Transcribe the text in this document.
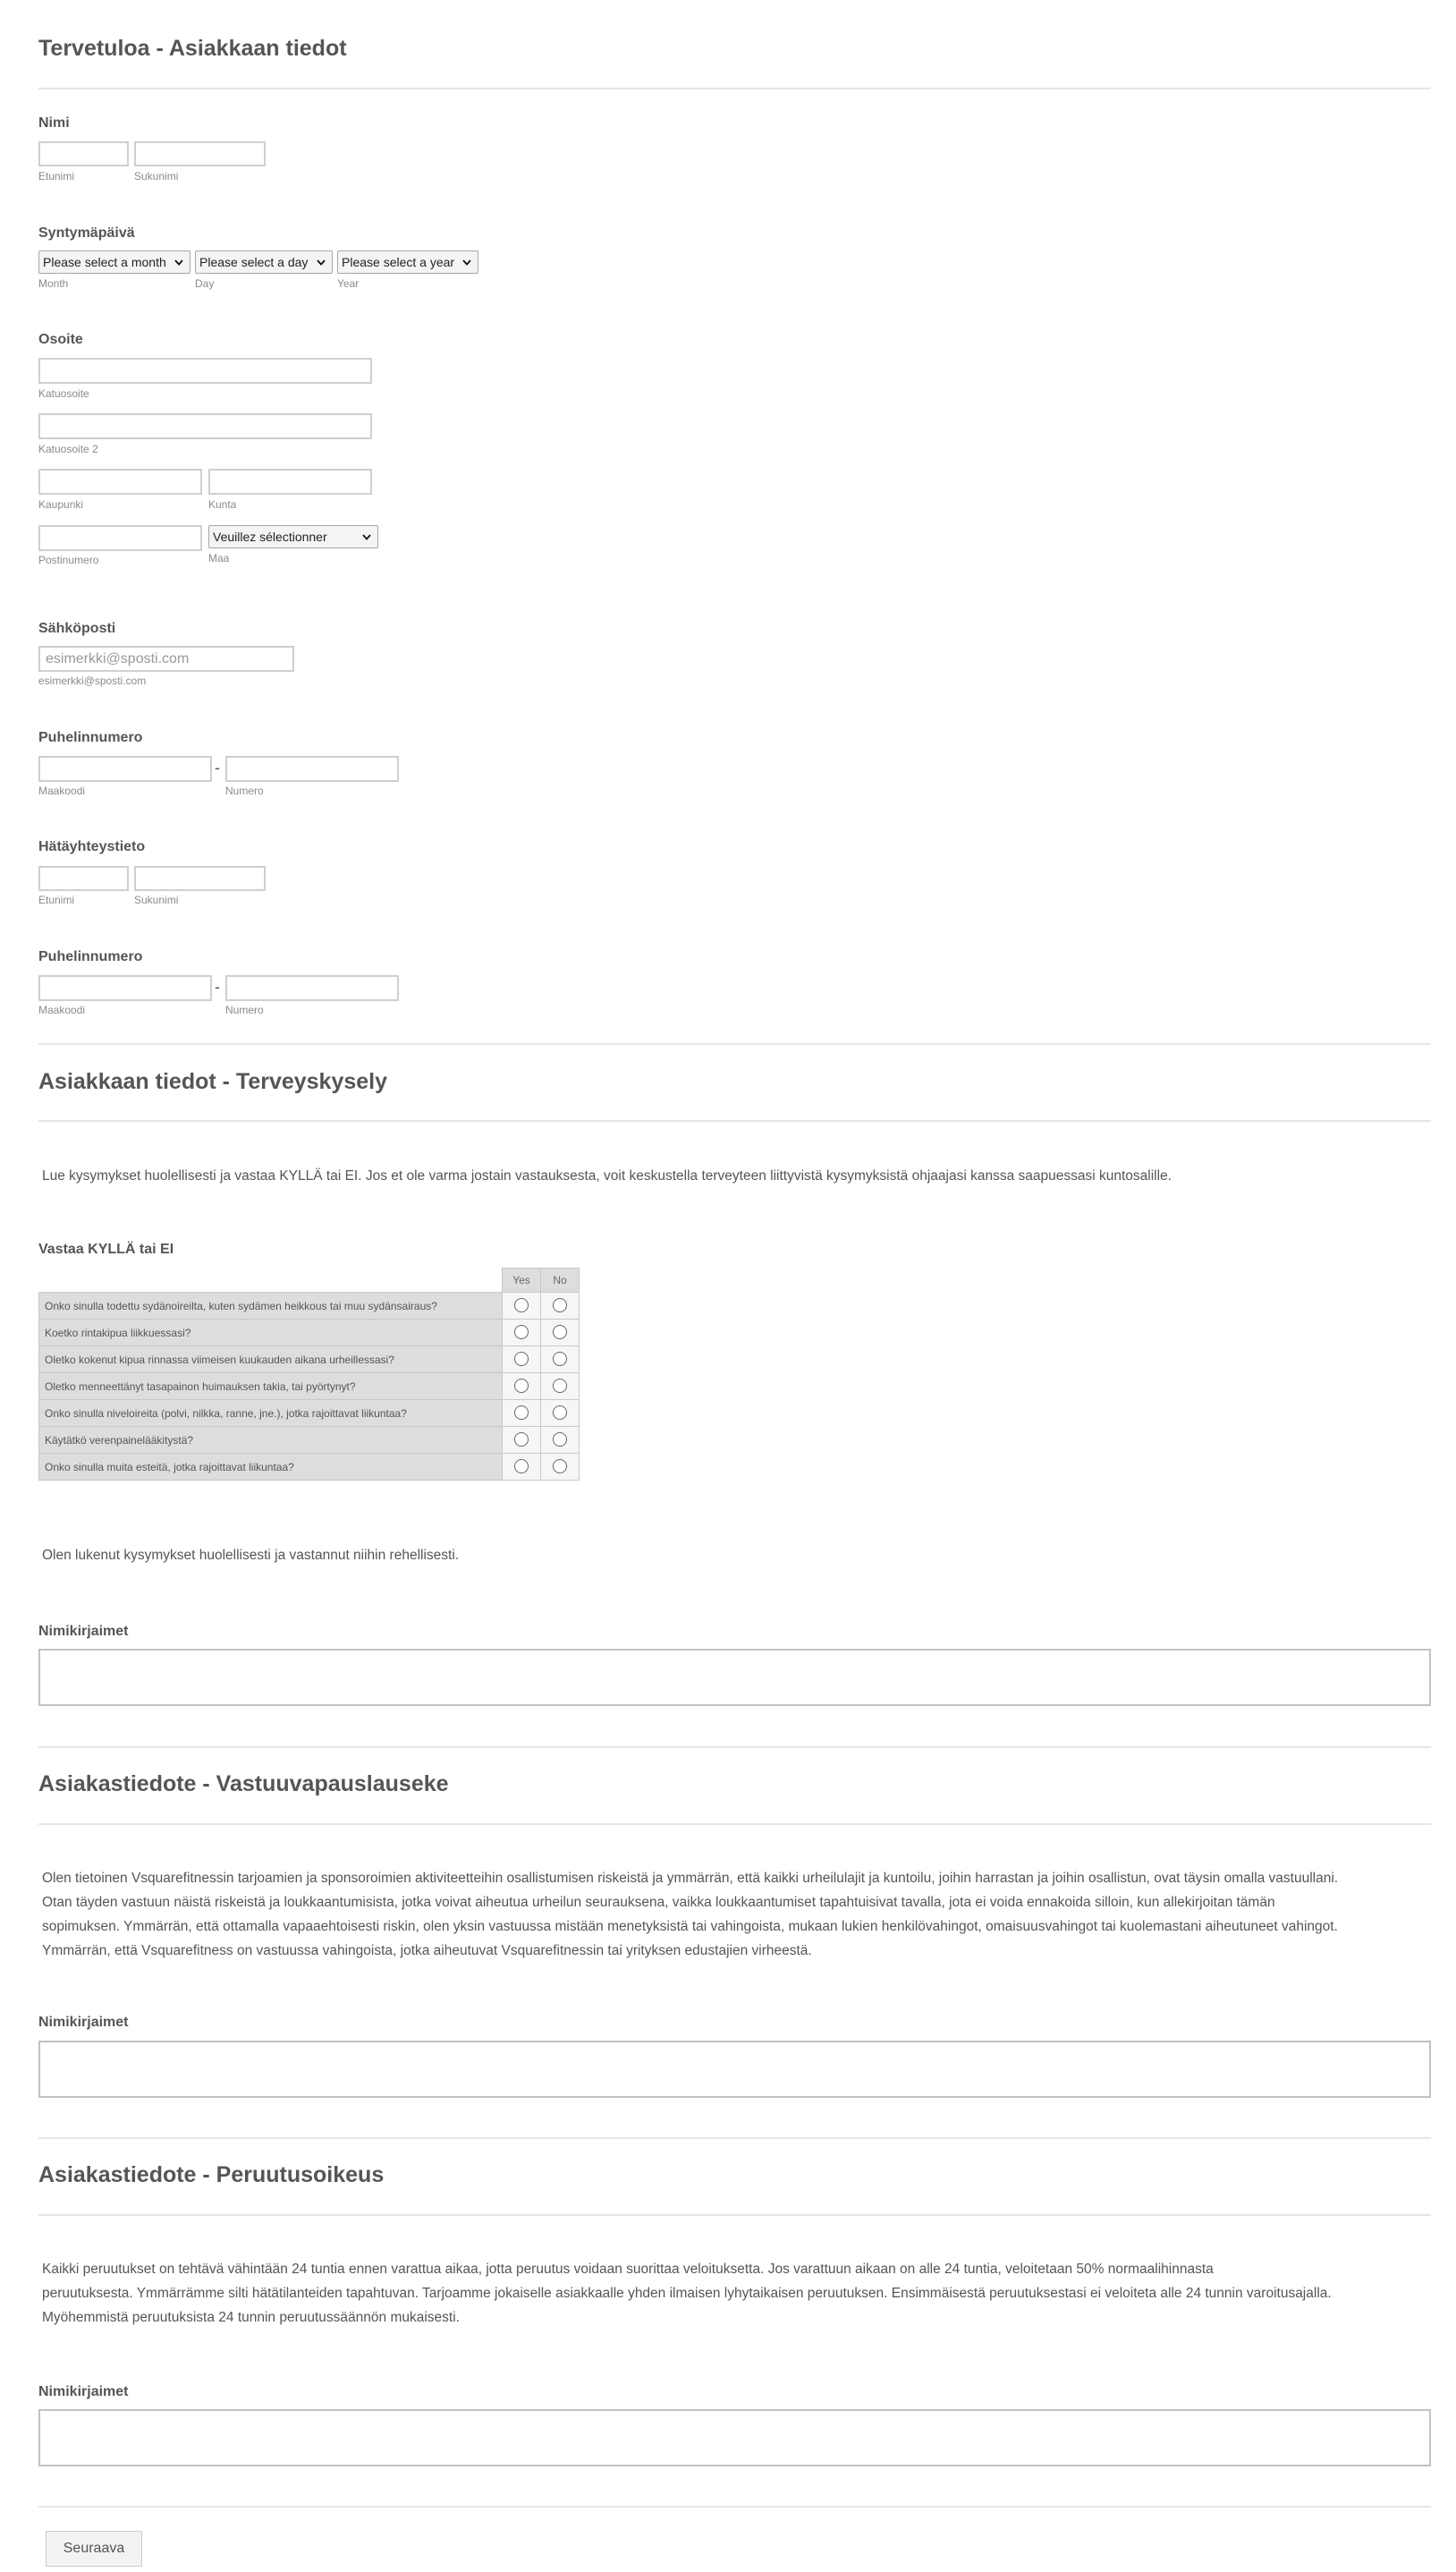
Tervetuloa - Asiakkaan tiedot
Nimi
Etunimi	Sukunimi
Syntymäpäivä
Please select a month	Please select a day	Please select a year
Month	Day	Year
Osoite
Katuosoite
Katuosoite 2
Kaupunki	Kunta
Postinumero
Veuillez sélectionner
Maa
Sähköposti
esimerkki@sposti.com
esimerkki@sposti.com
Puhelinnumero
-
Maakoodi	Numero
Hätäyhteystieto
Etunimi	Sukunimi
Puhelinnumero
-
Maakoodi	Numero
Asiakkaan tiedot - Terveyskysely
Lue kysymykset huolellisesti ja vastaa KYLLÄ tai EI. Jos et ole varma jostain vastauksesta, voit keskustella terveyteen liittyvistä kysymyksistä ohjaajasi kanssa saapuessasi kuntosalille.
Vastaa KYLLÄ tai EI
	Yes	No
Onko sinulla todettu sydänoireilta, kuten sydämen heikkous tai muu sydänsairaus?		
Koetko rintakipua liikkuessasi?		
Oletko kokenut kipua rinnassa viimeisen kuukauden aikana urheillessasi?		
Oletko menneettänyt tasapainon huimauksen takia, tai pyörtynyt?		
Onko sinulla niveloireita (polvi, nilkka, ranne, jne.), jotka rajoittavat liikuntaa?		
Käytätkö verenpainelääkitystä?		
Onko sinulla muita esteitä, jotka rajoittavat liikuntaa?		
Olen lukenut kysymykset huolellisesti ja vastannut niihin rehellisesti.
Nimikirjaimet
Asiakastiedote - Vastuuvapauslauseke
Olen tietoinen Vsquarefitnessin tarjoamien ja sponsoroimien aktiviteetteihin osallistumisen riskeistä ja ymmärrän, että kaikki urheilulajit ja kuntoilu, joihin harrastan ja joihin osallistun, ovat täysin omalla vastuullani.
Otan täyden vastuun näistä riskeistä ja loukkaantumisista, jotka voivat aiheutua urheilun seurauksena, vaikka loukkaantumiset tapahtuisivat tavalla, jota ei voida ennakoida silloin, kun allekirjoitan tämän
sopimuksen. Ymmärrän, että ottamalla vapaaehtoisesti riskin, olen yksin vastuussa mistään menetyksistä tai vahingoista, mukaan lukien henkilövahingot, omaisuusvahingot tai kuolemastani aiheutuneet vahingot.
Ymmärrän, että Vsquarefitness on vastuussa vahingoista, jotka aiheutuvat Vsquarefitnessin tai yrityksen edustajien virheestä.
Nimikirjaimet
Asiakastiedote - Peruutusoikeus
Kaikki peruutukset on tehtävä vähintään 24 tuntia ennen varattua aikaa, jotta peruutus voidaan suorittaa veloituksetta. Jos varattuun aikaan on alle 24 tuntia, veloitetaan 50% normaalihinnasta
peruutuksesta. Ymmärrämme silti hätätilanteiden tapahtuvan. Tarjoamme jokaiselle asiakkaalle yhden ilmaisen lyhytaikaisen peruutuksen. Ensimmäisestä peruutuksestasi ei veloiteta alle 24 tunnin varoitusajalla.
Myöhemmistä peruutuksista 24 tunnin peruutussäännön mukaisesti.
Nimikirjaimet
Seuraava
